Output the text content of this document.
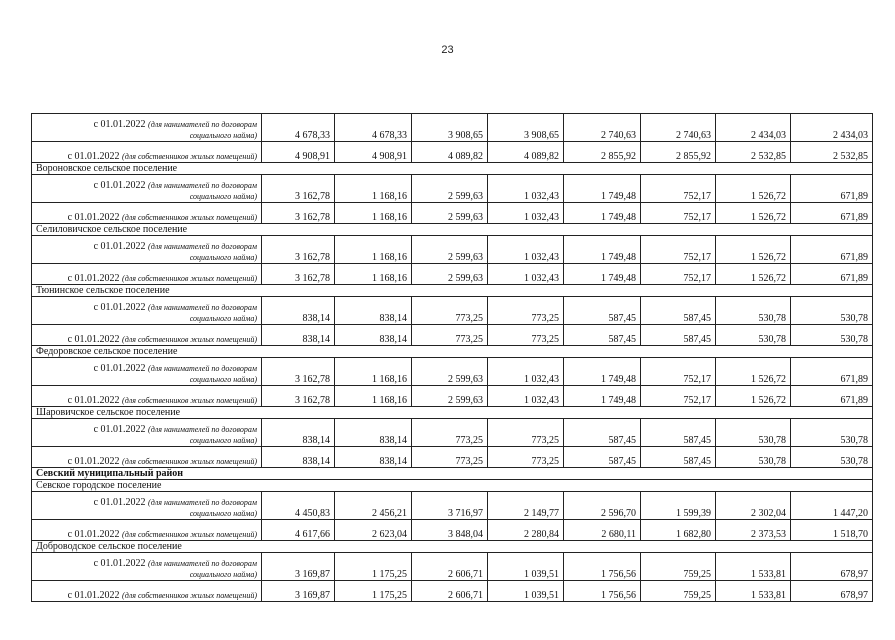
23
с 01.01.2022 (для нанимателей по договорам
социального найма)	4 678,33	4 678,33	3 908,65	3 908,65	2 740,63	2 740,63	2 434,03	2 434,03
с 01.01.2022 (для собственников жилых помещений)	4 908,91	4 908,91	4 089,82	4 089,82	2 855,92	2 855,92	2 532,85	2 532,85
Вороновское сельское поселение								

с 01.01.2022 (для нанимателей по договорам
социального найма)	3 162,78	1 168,16	2 599,63	1 032,43	1 749,48	752,17	1 526,72	671,89
с 01.01.2022 (для собственников жилых помещений)	3 162,78	1 168,16	2 599,63	1 032,43	1 749,48	752,17	1 526,72	671,89
Селиловичское сельское поселение								

с 01.01.2022 (для нанимателей по договорам
социального найма)	3 162,78	1 168,16	2 599,63	1 032,43	1 749,48	752,17	1 526,72	671,89
с 01.01.2022 (для собственников жилых помещений)	3 162,78	1 168,16	2 599,63	1 032,43	1 749,48	752,17	1 526,72	671,89
Тюнинское сельское поселение								

с 01.01.2022 (для нанимателей по договорам
социального найма)	838,14	838,14	773,25	773,25	587,45	587,45	530,78	530,78
с 01.01.2022 (для собственников жилых помещений)	838,14	838,14	773,25	773,25	587,45	587,45	530,78	530,78
Федоровское сельское поселение								

с 01.01.2022 (для нанимателей по договорам
социального найма)	3 162,78	1 168,16	2 599,63	1 032,43	1 749,48	752,17	1 526,72	671,89
с 01.01.2022 (для собственников жилых помещений)	3 162,78	1 168,16	2 599,63	1 032,43	1 749,48	752,17	1 526,72	671,89
Шаровичское сельское поселение								

с 01.01.2022 (для нанимателей по договорам
социального найма)	838,14	838,14	773,25	773,25	587,45	587,45	530,78	530,78
с 01.01.2022 (для собственников жилых помещений)	838,14	838,14	773,25	773,25	587,45	587,45	530,78	530,78
Севский муниципальный район								
Севское городское поселение								

с 01.01.2022 (для нанимателей по договорам
социального найма)	4 450,83	2 456,21	3 716,97	2 149,77	2 596,70	1 599,39	2 302,04	1 447,20
с 01.01.2022 (для собственников жилых помещений)	4 617,66	2 623,04	3 848,04	2 280,84	2 680,11	1 682,80	2 373,53	1 518,70
Доброводское сельское поселение								

с 01.01.2022 (для нанимателей по договорам
социального найма)	3 169,87	1 175,25	2 606,71	1 039,51	1 756,56	759,25	1 533,81	678,97
с 01.01.2022 (для собственников жилых помещений)	3 169,87	1 175,25	2 606,71	1 039,51	1 756,56	759,25	1 533,81	678,97
